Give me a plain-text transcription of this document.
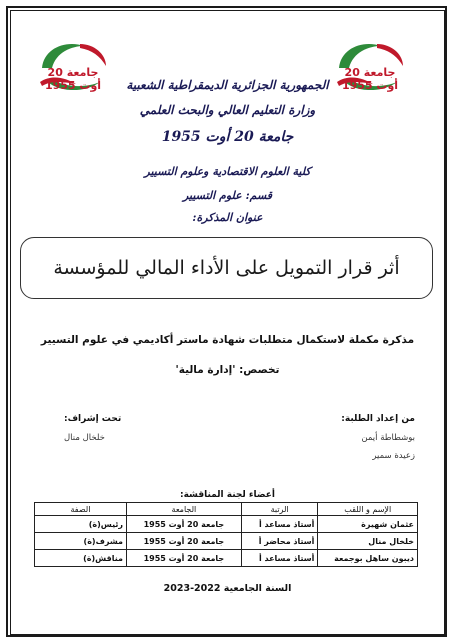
جامعة 20 أوت 1955
جامعة 20 أوت 1955
الجمهورية الجزائرية الديمقراطية الشعبية
وزارة التعليم العالي والبحث العلمي
جامعة 20 أوت 1955
كلية العلوم الاقتصادية وعلوم التسيير
قسم: علوم التسيير
عنوان المذكرة:
أثر قرار التمويل على الأداء المالي للمؤسسة
مذكرة مكملة لاستكمال متطلبات شهادة ماستر أكاديمي في علوم التسيير
تخصص: 'إدارة مالية'
من إعداد الطلبة:
بوشطاطة أيمن
زعيدة سمير
تحت إشراف:
خلخال منال
أعضاء لجنة المناقشة:
الإسم و اللقب	الرتبة	الجامعة	الصفة
عثمان شهيرة	أستاذ مساعد أ	جامعة 20 أوت 1955	رئيس(ة)
خلخال منال	أستاذ محاضر أ	جامعة 20 أوت 1955	مشرف(ة)
ديبون ساهل بوجمعة	أستاذ مساعد أ	جامعة 20 أوت 1955	مناقش(ة)
السنة الجامعية 2022-2023
